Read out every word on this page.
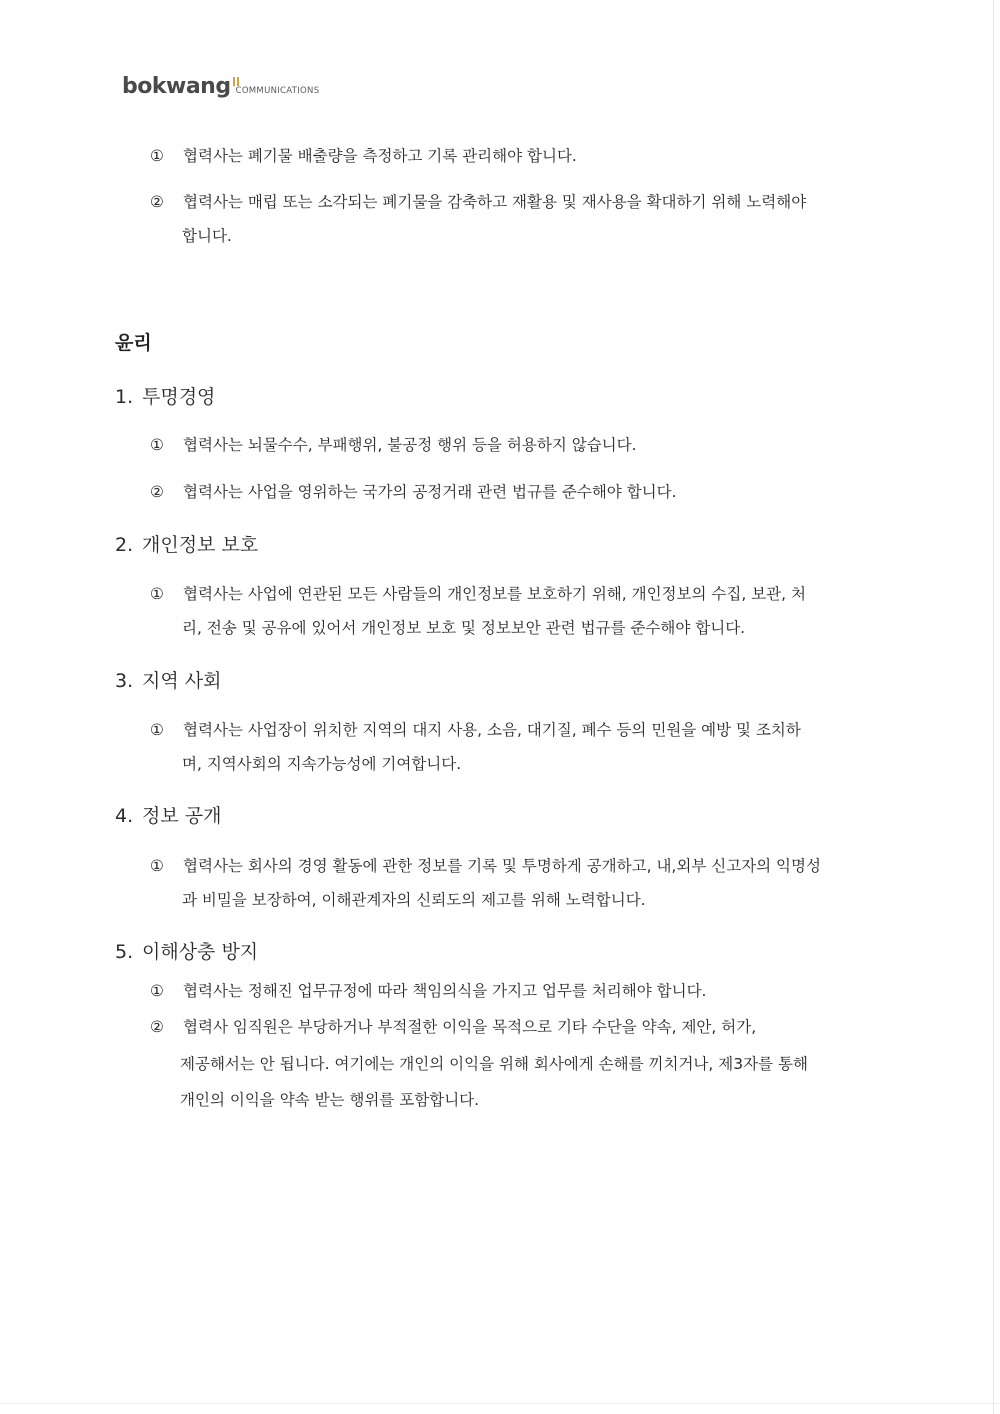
bokwang COMMUNICATIONS
① 협력사는 폐기물 배출량을 측정하고 기록 관리해야 합니다.
② 협력사는 매립 또는 소각되는 폐기물을 감축하고 재활용 및 재사용을 확대하기 위해 노력해야
합니다.
윤리
1. 투명경영
① 협력사는 뇌물수수, 부패행위, 불공정 행위 등을 허용하지 않습니다.
② 협력사는 사업을 영위하는 국가의 공정거래 관련 법규를 준수해야 합니다.
2. 개인정보 보호
① 협력사는 사업에 연관된 모든 사람들의 개인정보를 보호하기 위해, 개인정보의 수집, 보관, 처
리, 전송 및 공유에 있어서 개인정보 보호 및 정보보안 관련 법규를 준수해야 합니다.
3. 지역 사회
① 협력사는 사업장이 위치한 지역의 대지 사용, 소음, 대기질, 폐수 등의 민원을 예방 및 조치하
며, 지역사회의 지속가능성에 기여합니다.
4. 정보 공개
① 협력사는 회사의 경영 활동에 관한 정보를 기록 및 투명하게 공개하고, 내,외부 신고자의 익명성
과 비밀을 보장하여, 이해관계자의 신뢰도의 제고를 위해 노력합니다.
5. 이해상충 방지
① 협력사는 정해진 업무규정에 따라 책임의식을 가지고 업무를 처리해야 합니다.
② 협력사 임직원은 부당하거나 부적절한 이익을 목적으로 기타 수단을 약속, 제안, 허가,
제공해서는 안 됩니다. 여기에는 개인의 이익을 위해 회사에게 손해를 끼치거나, 제3자를 통해
개인의 이익을 약속 받는 행위를 포함합니다.
